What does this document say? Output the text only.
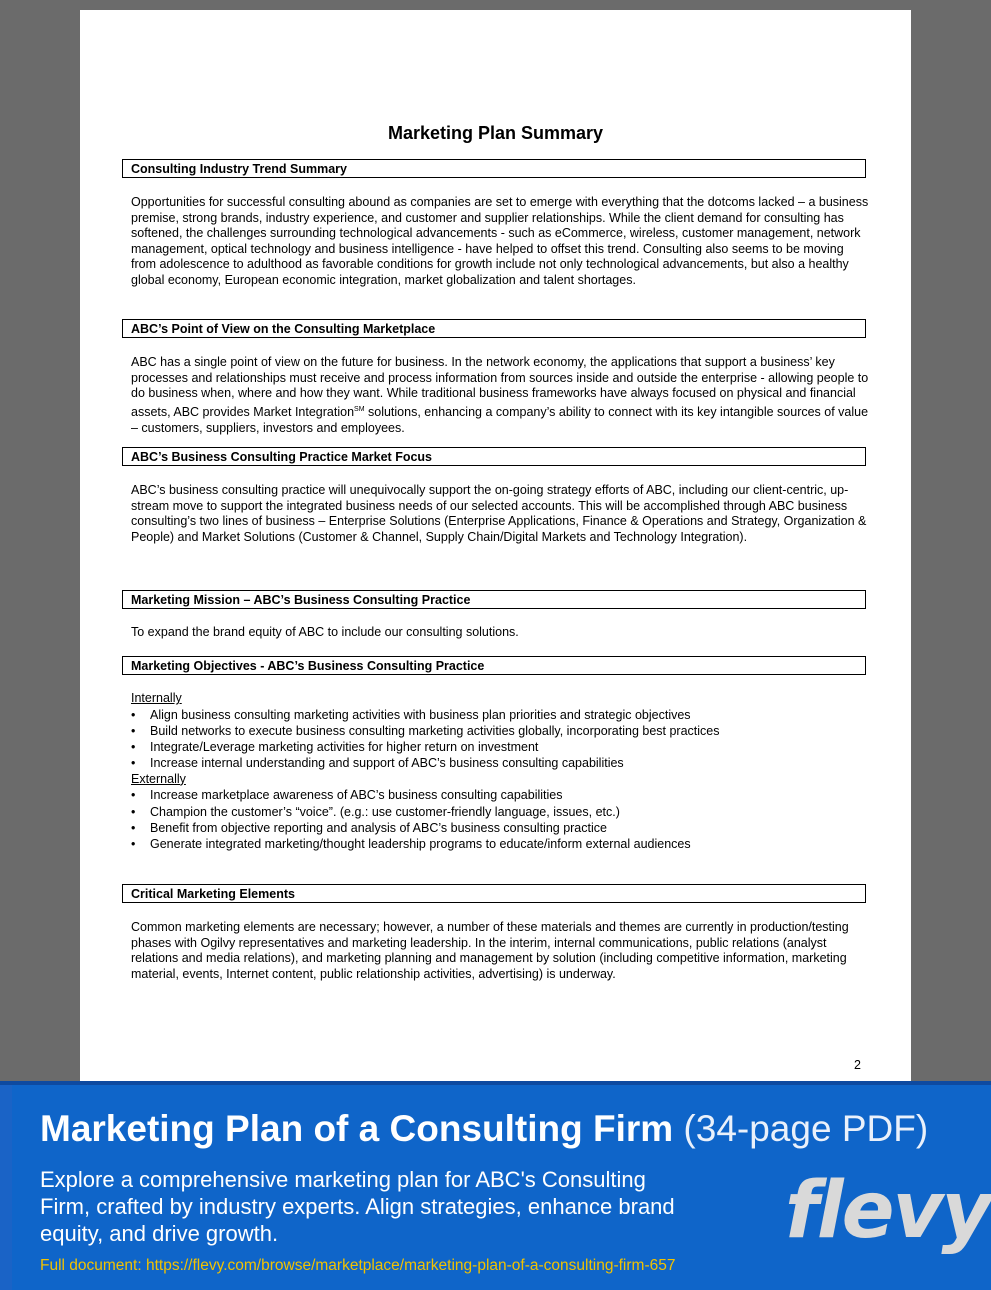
Marketing Plan Summary
Consulting Industry Trend Summary

Opportunities for successful consulting abound as companies are set to emerge with everything that the dotcoms lacked – a business premise, strong brands, industry experience, and customer and supplier relationships. While the client demand for consulting has softened, the challenges surrounding technological advancements - such as eCommerce, wireless, customer management, network management, optical technology and business intelligence - have helped to offset this trend. Consulting also seems to be moving from adolescence to adulthood as favorable conditions for growth include not only technological advancements, but also a healthy global economy, European economic integration, market globalization and talent shortages.

ABC’s Point of View on the Consulting Marketplace

ABC has a single point of view on the future for business. In the network economy, the applications that support a business’ key processes and relationships must receive and process information from sources inside and outside the enterprise - allowing people to do business when, where and how they want. While traditional business frameworks have always focused on physical and financial assets, ABC provides Market Integration℠ solutions, enhancing a company’s ability to connect with its key intangible sources of value – customers, suppliers, investors and employees.

ABC’s Business Consulting Practice Market Focus

ABC’s business consulting practice will unequivocally support the on-going strategy efforts of ABC, including our client-centric, up-stream move to support the integrated business needs of our selected accounts. This will be accomplished through ABC business consulting’s two lines of business – Enterprise Solutions (Enterprise Applications, Finance & Operations and Strategy, Organization & People) and Market Solutions (Customer & Channel, Supply Chain/Digital Markets and Technology Integration).

Marketing Mission – ABC’s Business Consulting Practice

To expand the brand equity of ABC to include our consulting solutions.

Marketing Objectives - ABC’s Business Consulting Practice
Internally
• Align business consulting marketing activities with business plan priorities and strategic objectives
• Build networks to execute business consulting marketing activities globally, incorporating best practices
• Integrate/Leverage marketing activities for higher return on investment
• Increase internal understanding and support of ABC’s business consulting capabilities
Externally
• Increase marketplace awareness of ABC’s business consulting capabilities
• Champion the customer’s “voice”. (e.g.: use customer-friendly language, issues, etc.)
• Benefit from objective reporting and analysis of ABC’s business consulting practice
• Generate integrated marketing/thought leadership programs to educate/inform external audiences
Critical Marketing Elements

Common marketing elements are necessary; however, a number of these materials and themes are currently in production/testing phases with Ogilvy representatives and marketing leadership. In the interim, internal communications, public relations (analyst relations and media relations), and marketing planning and management by solution (including competitive information, marketing material, events, Internet content, public relationship activities, advertising) is underway.

2
Marketing Plan of a Consulting Firm (34-page PDF)
Explore a comprehensive marketing plan for ABC's Consulting Firm, crafted by industry experts. Align strategies, enhance brand equity, and drive growth.
Full document: https://flevy.com/browse/marketplace/marketing-plan-of-a-consulting-firm-657
flevy
